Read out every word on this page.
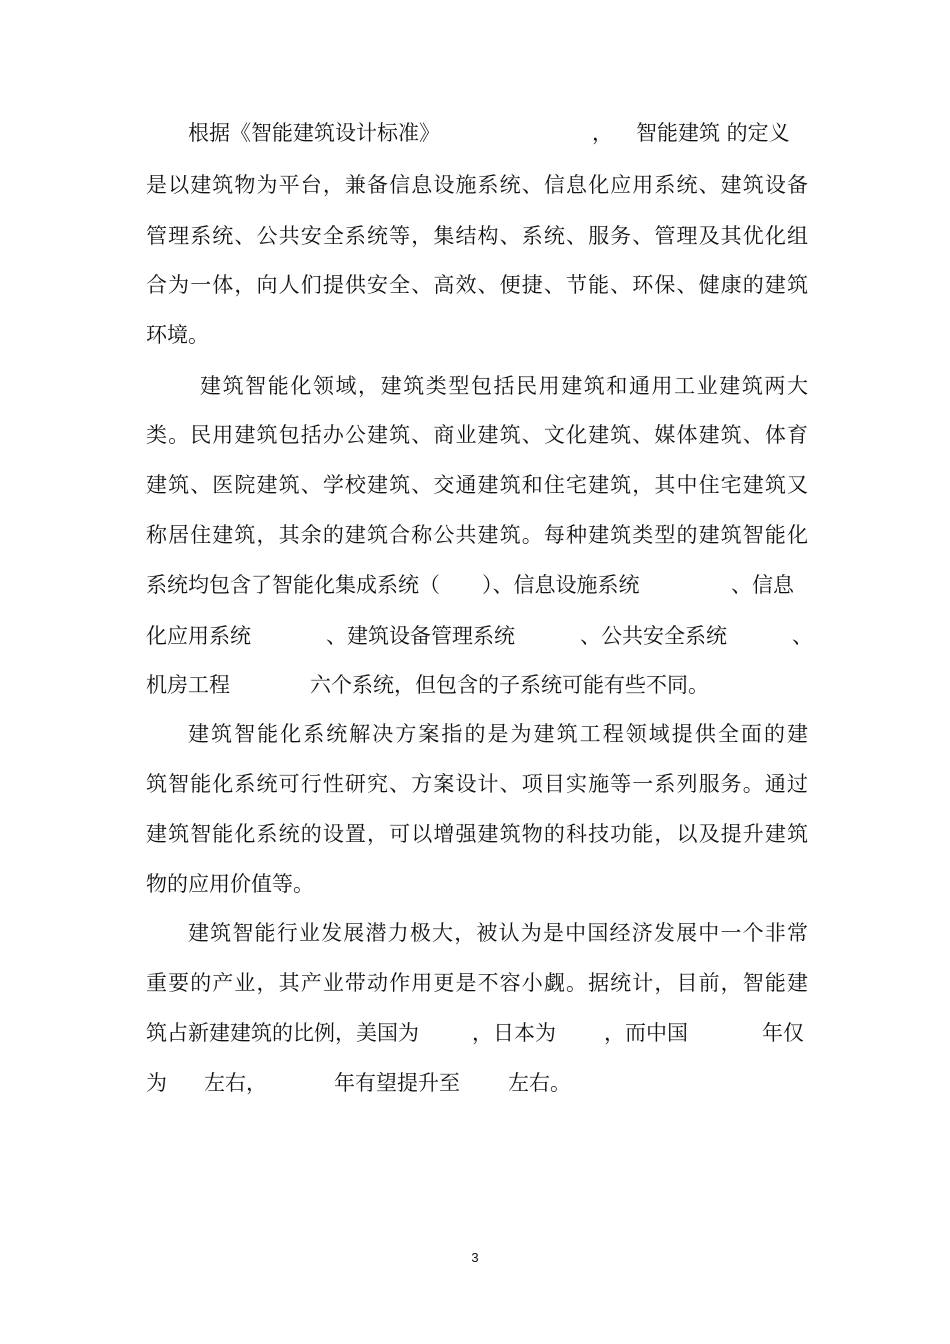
根据《智能建筑设计标准》	， 智能建筑 的定义
是以建筑物为平台，兼备信息设施系统、信息化应用系统、建筑设备
管理系统、公共安全系统等，集结构、系统、服务、管理及其优化组
合为一体，向人们提供安全、高效、便捷、节能、环保、健康的建筑
环境。
建筑智能化领域，建筑类型包括民用建筑和通用工业建筑两大
类。民用建筑包括办公建筑、商业建筑、文化建筑、媒体建筑、体育
建筑、医院建筑、学校建筑、交通建筑和住宅建筑，其中住宅建筑又
称居住建筑，其余的建筑合称公共建筑。每种建筑类型的建筑智能化
系统均包含了智能化集成系统（ ）、信息设施系统	、信息
化应用系统	、建筑设备管理系统	、公共安全系统	、
机房工程	六个系统，但包含的子系统可能有些不同。
建筑智能化系统解决方案指的是为建筑工程领域提供全面的建
筑智能化系统可行性研究、方案设计、项目实施等一系列服务。通过
建筑智能化系统的设置，可以增强建筑物的科技功能，以及提升建筑
物的应用价值等。
建筑智能行业发展潜力极大，被认为是中国经济发展中一个非常
重要的产业，其产业带动作用更是不容小觑。据统计，目前，智能建
筑占新建建筑的比例，美国为	，日本为 ，而中国	年仅
为 左右，	年有望提升至 左右。
3
